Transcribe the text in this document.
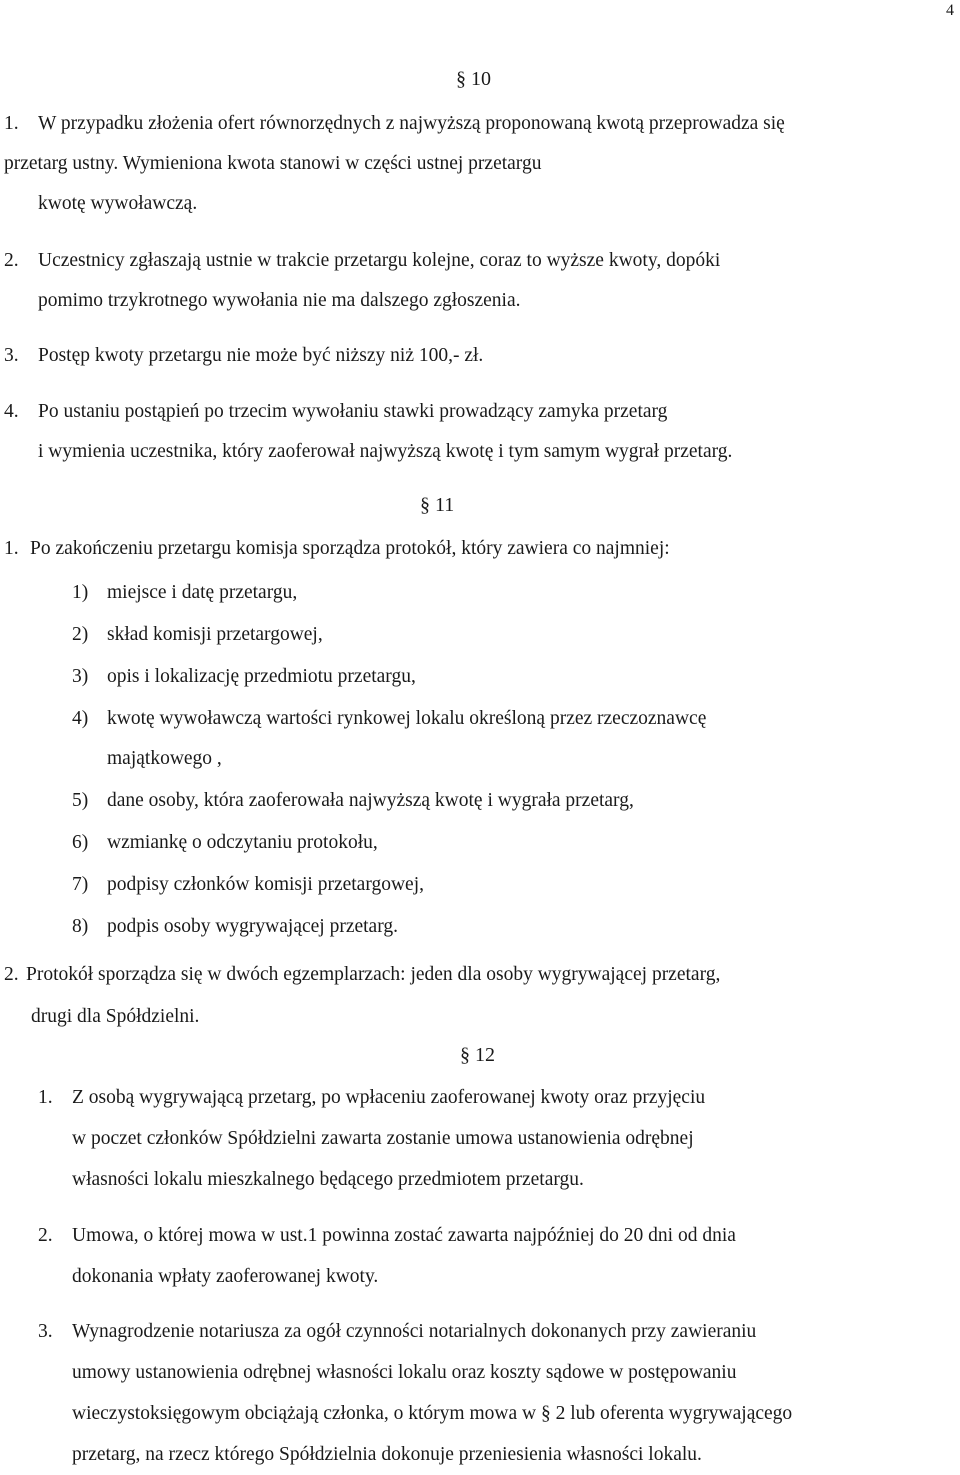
4
§ 10
1. W przypadku złożenia ofert równorzędnych z najwyższą proponowaną kwotą przeprowadza się
przetarg ustny. Wymieniona kwota stanowi w części ustnej przetargu
kwotę wywoławczą.
2. Uczestnicy zgłaszają ustnie w trakcie przetargu kolejne, coraz to wyższe kwoty, dopóki
pomimo trzykrotnego wywołania nie ma dalszego zgłoszenia.
3. Postęp kwoty przetargu nie może być niższy niż 100,- zł.
4. Po ustaniu postąpień po trzecim wywołaniu stawki prowadzący zamyka przetarg
i wymienia uczestnika, który zaoferował najwyższą kwotę i tym samym wygrał przetarg.
§ 11
1. Po zakończeniu przetargu komisja sporządza protokół, który zawiera co najmniej:
1) miejsce i datę przetargu,
2) skład komisji przetargowej,
3) opis i lokalizację przedmiotu przetargu,
4) kwotę wywoławczą wartości rynkowej lokalu określoną przez rzeczoznawcę
majątkowego ,
5) dane osoby, która zaoferowała najwyższą kwotę i wygrała przetarg,
6) wzmiankę o odczytaniu protokołu,
7) podpisy członków komisji przetargowej,
8) podpis osoby wygrywającej przetarg.
2. Protokół sporządza się w dwóch egzemplarzach: jeden dla osoby wygrywającej przetarg,
drugi dla Spółdzielni.
§ 12
1. Z osobą wygrywającą przetarg, po wpłaceniu zaoferowanej kwoty oraz przyjęciu
w poczet członków Spółdzielni zawarta zostanie umowa ustanowienia odrębnej
własności lokalu mieszkalnego będącego przedmiotem przetargu.
2. Umowa, o której mowa w ust.1 powinna zostać zawarta najpóźniej do 20 dni od dnia
dokonania wpłaty zaoferowanej kwoty.
3. Wynagrodzenie notariusza za ogół czynności notarialnych dokonanych przy zawieraniu
umowy ustanowienia odrębnej własności lokalu oraz koszty sądowe w postępowaniu
wieczystoksięgowym obciążają członka, o którym mowa w § 2 lub oferenta wygrywającego
przetarg, na rzecz którego Spółdzielnia dokonuje przeniesienia własności lokalu.
